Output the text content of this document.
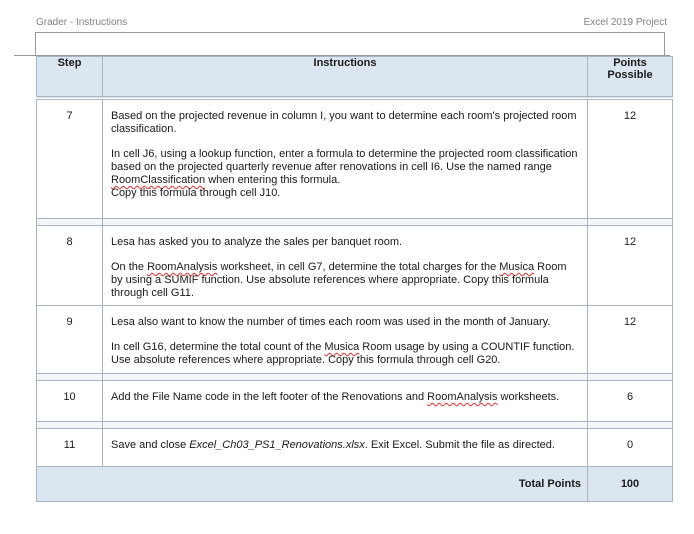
Grader - Instructions	Excel 2019 Project
Step	Instructions	Points
Possible

7	Based on the projected revenue in column I, you want to determine each room's projected room classification.

In cell J6, using a lookup function, enter a formula to determine the projected room classification based on the projected quarterly revenue after renovations in cell I6. Use the named range RoomClassification when entering this formula.

Copy this formula through cell J10.	12

8	Lesa has asked you to analyze the sales per banquet room.

On the RoomAnalysis worksheet, in cell G7, determine the total charges for the Musica Room by using a SUMIF function. Use absolute references where appropriate. Copy this formula through cell G11.	12
9	Lesa also want to know the number of times each room was used in the month of January.

In cell G16, determine the total count of the Musica Room usage by using a COUNTIF function. Use absolute references where appropriate. Copy this formula through cell G20.	12

10	Add the File Name code in the left footer of the Renovations and RoomAnalysis worksheets.	6

11	Save and close Excel_Ch03_PS1_Renovations.xlsx. Exit Excel. Submit the file as directed.	0
	Total Points	100
